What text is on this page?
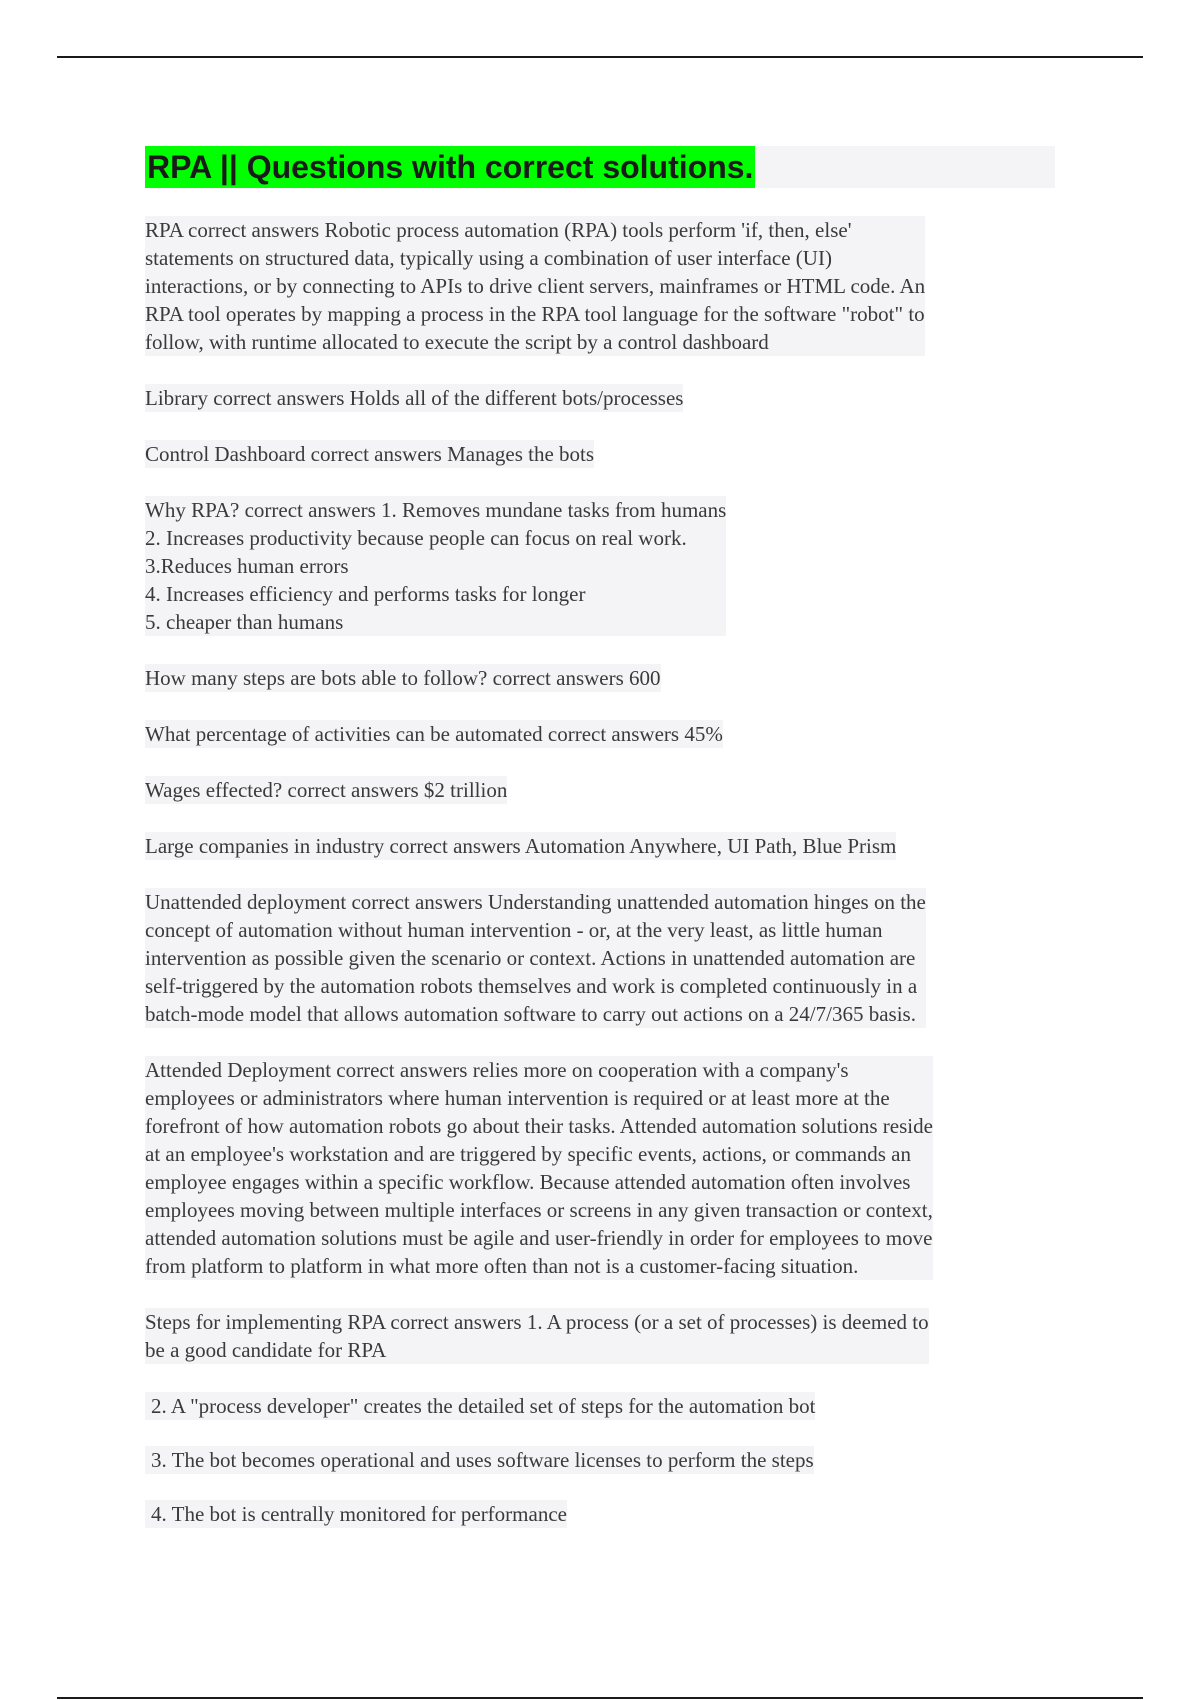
RPA || Questions with correct solutions.
RPA correct answers Robotic process automation (RPA) tools perform 'if, then, else'
statements on structured data, typically using a combination of user interface (UI)
interactions, or by connecting to APIs to drive client servers, mainframes or HTML code. An
RPA tool operates by mapping a process in the RPA tool language for the software "robot" to
follow, with runtime allocated to execute the script by a control dashboard
Library correct answers Holds all of the different bots/processes
Control Dashboard correct answers Manages the bots
Why RPA? correct answers 1. Removes mundane tasks from humans
2. Increases productivity because people can focus on real work.
3.Reduces human errors
4. Increases efficiency and performs tasks for longer
5. cheaper than humans
How many steps are bots able to follow? correct answers 600
What percentage of activities can be automated correct answers 45%
Wages effected? correct answers $2 trillion
Large companies in industry correct answers Automation Anywhere, UI Path, Blue Prism
Unattended deployment correct answers Understanding unattended automation hinges on the
concept of automation without human intervention - or, at the very least, as little human
intervention as possible given the scenario or context. Actions in unattended automation are
self-triggered by the automation robots themselves and work is completed continuously in a
batch-mode model that allows automation software to carry out actions on a 24/7/365 basis.
Attended Deployment correct answers relies more on cooperation with a company's
employees or administrators where human intervention is required or at least more at the
forefront of how automation robots go about their tasks. Attended automation solutions reside
at an employee's workstation and are triggered by specific events, actions, or commands an
employee engages within a specific workflow. Because attended automation often involves
employees moving between multiple interfaces or screens in any given transaction or context,
attended automation solutions must be agile and user-friendly in order for employees to move
from platform to platform in what more often than not is a customer-facing situation.
Steps for implementing RPA correct answers 1. A process (or a set of processes) is deemed to
be a good candidate for RPA
2. A "process developer" creates the detailed set of steps for the automation bot
3. The bot becomes operational and uses software licenses to perform the steps
4. The bot is centrally monitored for performance
